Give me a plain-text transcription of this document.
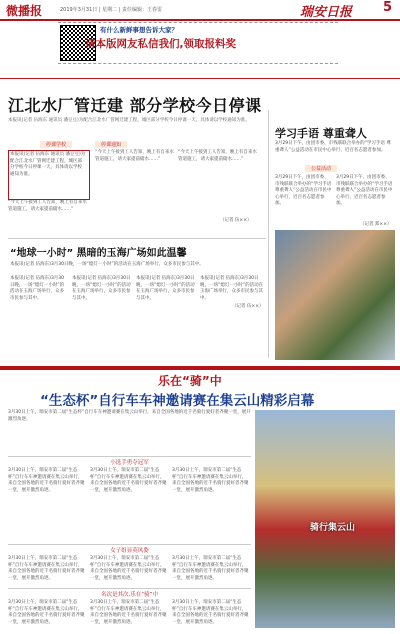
微播报	2019年3月31日 | 星期二 | 责任编辑：王春雷	瑞安日报 5
有什么新鲜事想告诉大家？
请本版网友私信我们,领取报料奖
江北水厂管迁建 部分学校今日停课
本报讯(记者 伍海东 通讯员 潘豆豆)为配合江北水厂管网迁建工程，城区部分学校今日停课一天，具体请以学校通知为准。
停课学校
本报讯(记者 伍海东 通讯员 潘豆豆)为配合江北水厂管网迁建工程，城区部分学校今日停课一天，具体请以学校通知为准。
“今天上午接到工人告知，晚上有自来水管道施工，请大家提前储水……”
停课通知
“今天上午接到工人告知，晚上有自来水管道施工，请大家提前储水……”
“今天上午接到工人告知，晚上有自来水管道施工，请大家提前储水……”
（记者 伍××）
学习手语 尊重聋人
3月29日下午，由团市委、市残联联合举办的“学习手语 尊重聋人”公益活动在市民中心举行，近百名志愿者参加。
公益活动
3月29日下午，由团市委、市残联联合举办的“学习手语 尊重聋人”公益活动在市民中心举行，近百名志愿者参加。
3月29日下午，由团市委、市残联联合举办的“学习手语 尊重聋人”公益活动在市民中心举行，近百名志愿者参加。
（记者 郑××）
“地球一小时” 黑暗的玉海广场如此温馨
本报讯(记者 伍海东)3月30日晚，一场“熄灯一小时”的活动在玉海广场举行，众多市民参与其中。
本报讯(记者 伍海东)3月30日晚，一场“熄灯一小时”的活动在玉海广场举行，众多市民参与其中。
本报讯(记者 伍海东)3月30日晚，一场“熄灯一小时”的活动在玉海广场举行，众多市民参与其中。
本报讯(记者 伍海东)3月30日晚，一场“熄灯一小时”的活动在玉海广场举行，众多市民参与其中。
本报讯(记者 伍海东)3月30日晚，一场“熄灯一小时”的活动在玉海广场举行，众多市民参与其中。
（记者 伍××）
乐在“骑”中
“生态杯”自行车车神邀请赛在集云山精彩启幕
3月30日上午，瑞安市第二届“生态杯”自行车车神邀请赛在集云山举行，来自全国各地的近千名骑行爱好者齐聚一堂，展开激烈角逐。
骑行集云山
小选手勇夺冠军
3月30日上午，瑞安市第二届“生态杯”自行车车神邀请赛在集云山举行，来自全国各地的近千名骑行爱好者齐聚一堂，展开激烈角逐。
3月30日上午，瑞安市第二届“生态杯”自行车车神邀请赛在集云山举行，来自全国各地的近千名骑行爱好者齐聚一堂，展开激烈角逐。
3月30日上午，瑞安市第二届“生态杯”自行车车神邀请赛在集云山举行，来自全国各地的近千名骑行爱好者齐聚一堂，展开激烈角逐。
女子组显英风姿
3月30日上午，瑞安市第二届“生态杯”自行车车神邀请赛在集云山举行，来自全国各地的近千名骑行爱好者齐聚一堂，展开激烈角逐。
3月30日上午，瑞安市第二届“生态杯”自行车车神邀请赛在集云山举行，来自全国各地的近千名骑行爱好者齐聚一堂，展开激烈角逐。
3月30日上午，瑞安市第二届“生态杯”自行车车神邀请赛在集云山举行，来自全国各地的近千名骑行爱好者齐聚一堂，展开激烈角逐。
名次是其次,乐在“骑”中
3月30日上午，瑞安市第二届“生态杯”自行车车神邀请赛在集云山举行，来自全国各地的近千名骑行爱好者齐聚一堂，展开激烈角逐。
3月30日上午，瑞安市第二届“生态杯”自行车车神邀请赛在集云山举行，来自全国各地的近千名骑行爱好者齐聚一堂，展开激烈角逐。
3月30日上午，瑞安市第二届“生态杯”自行车车神邀请赛在集云山举行，来自全国各地的近千名骑行爱好者齐聚一堂，展开激烈角逐。
